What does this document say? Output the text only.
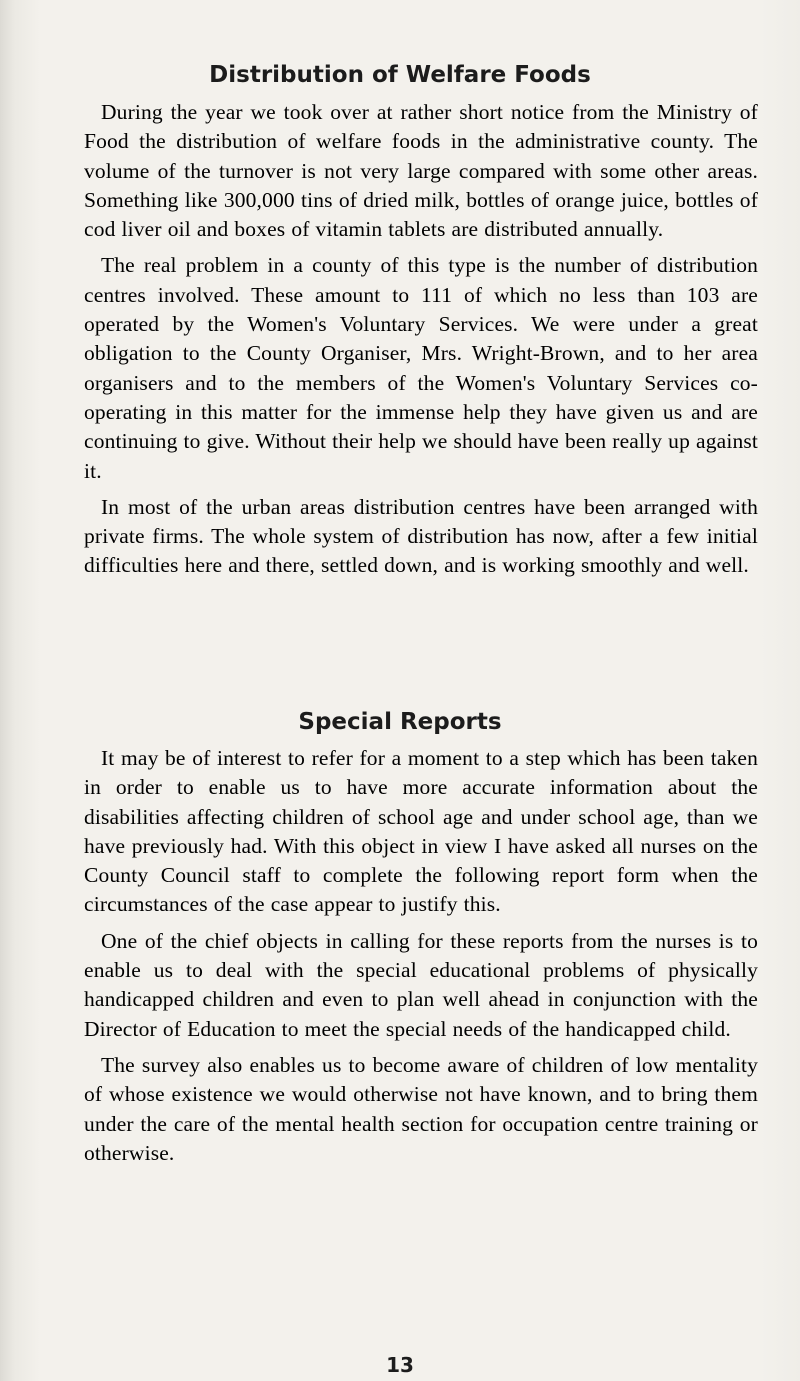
Distribution of Welfare Foods

During the year we took over at rather short notice from the Ministry of Food the distribution of welfare foods in the administrative county. The volume of the turnover is not very large compared with some other areas. Something like 300,000 tins of dried milk, bottles of orange juice, bottles of cod liver oil and boxes of vitamin tablets are distributed annually.

The real problem in a county of this type is the number of distribution centres involved. These amount to 111 of which no less than 103 are operated by the Women's Voluntary Services. We were under a great obligation to the County Organiser, Mrs. Wright-Brown, and to her area organisers and to the members of the Women's Voluntary Services co-operating in this matter for the immense help they have given us and are continuing to give. Without their help we should have been really up against it.

In most of the urban areas distribution centres have been arranged with private firms. The whole system of distribution has now, after a few initial difficulties here and there, settled down, and is working smoothly and well.

Special Reports

It may be of interest to refer for a moment to a step which has been taken in order to enable us to have more accurate information about the disabilities affecting children of school age and under school age, than we have previously had. With this object in view I have asked all nurses on the County Council staff to complete the following report form when the circumstances of the case appear to justify this.

One of the chief objects in calling for these reports from the nurses is to enable us to deal with the special educational problems of physically handicapped children and even to plan well ahead in conjunction with the Director of Education to meet the special needs of the handicapped child.

The survey also enables us to become aware of children of low mentality of whose existence we would otherwise not have known, and to bring them under the care of the mental health section for occupation centre training or otherwise.

13
